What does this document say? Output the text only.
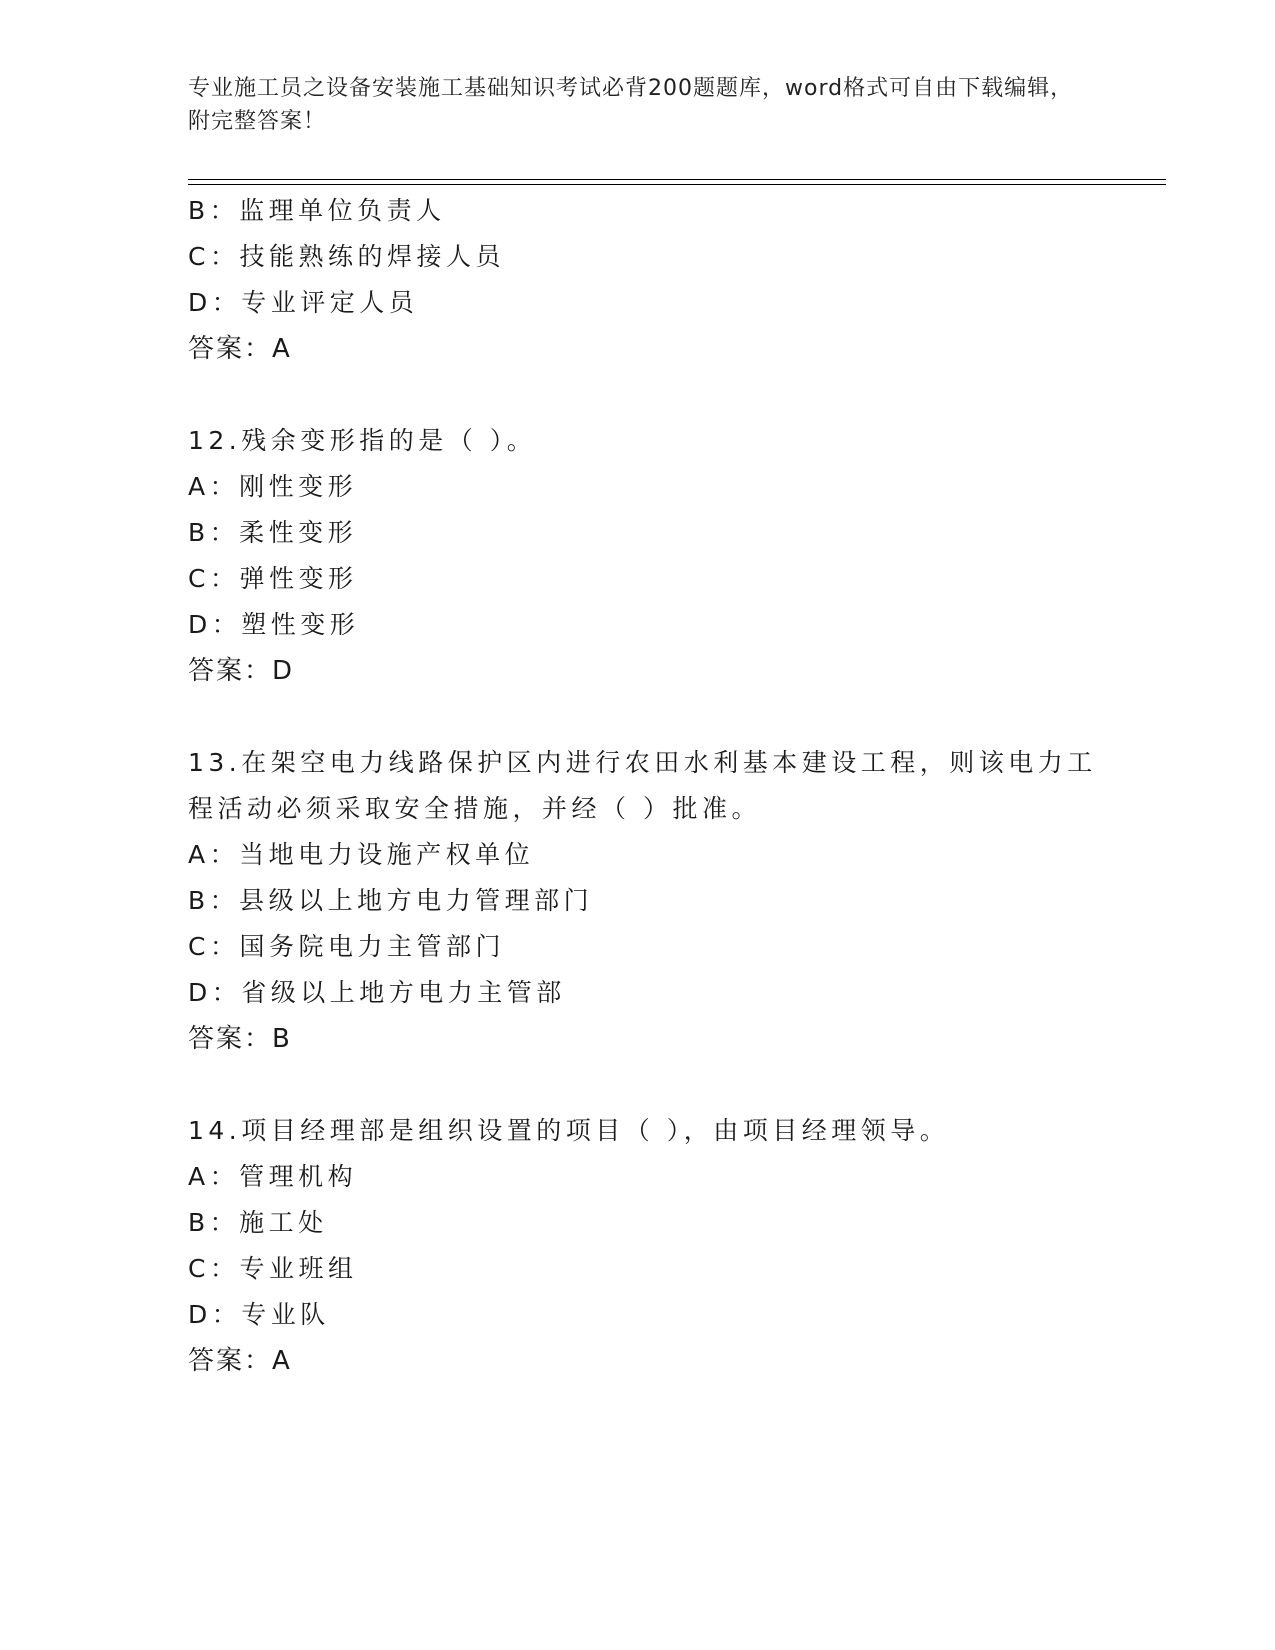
专业施工员之设备安装施工基础知识考试必背200题题库，word格式可自由下载编辑，附完整答案！
B：监理单位负责人
C：技能熟练的焊接人员
D：专业评定人员
答案：A
12.残余变形指的是（ ）。
A：刚性变形
B：柔性变形
C：弹性变形
D：塑性变形
答案：D
13.在架空电力线路保护区内进行农田水利基本建设工程，则该电力工程活动必须采取安全措施，并经（ ）批准。
A：当地电力设施产权单位
B：县级以上地方电力管理部门
C：国务院电力主管部门
D：省级以上地方电力主管部
答案：B
14.项目经理部是组织设置的项目（ ），由项目经理领导。
A：管理机构
B：施工处
C：专业班组
D：专业队
答案：A
